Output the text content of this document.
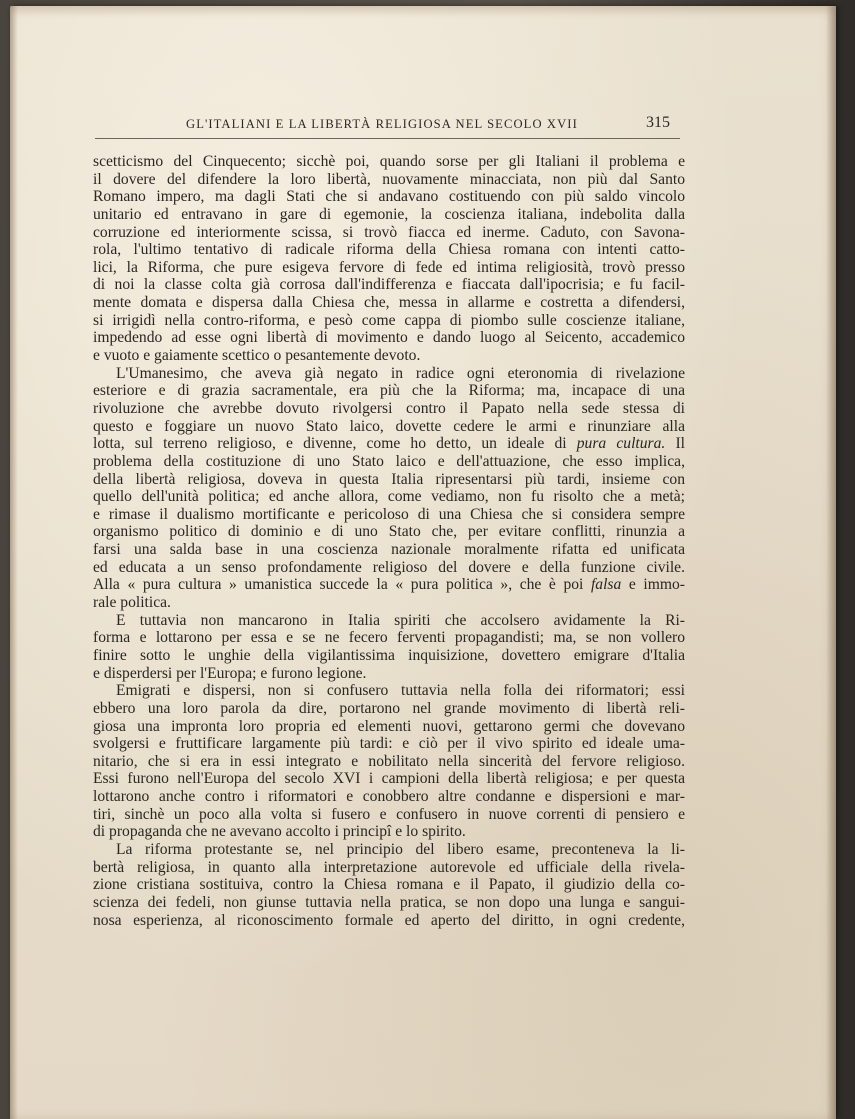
GL'ITALIANI E LA LIBERTÀ RELIGIOSA NEL SECOLO XVII	315
scetticismo del Cinquecento; sicchè poi, quando sorse per gli Italiani il problema e
il dovere del difendere la loro libertà, nuovamente minacciata, non più dal Santo
Romano impero, ma dagli Stati che si andavano costituendo con più saldo vincolo
unitario ed entravano in gare di egemonie, la coscienza italiana, indebolita dalla
corruzione ed interiormente scissa, si trovò fiacca ed inerme. Caduto, con Savona-
rola, l'ultimo tentativo di radicale riforma della Chiesa romana con intenti catto-
lici, la Riforma, che pure esigeva fervore di fede ed intima religiosità, trovò presso
di noi la classe colta già corrosa dall'indifferenza e fiaccata dall'ipocrisia; e fu facil-
mente domata e dispersa dalla Chiesa che, messa in allarme e costretta a difendersi,
si irrigidì nella contro-riforma, e pesò come cappa di piombo sulle coscienze italiane,
impedendo ad esse ogni libertà di movimento e dando luogo al Seicento, accademico
e vuoto e gaiamente scettico o pesantemente devoto.
L'Umanesimo, che aveva già negato in radice ogni eteronomia di rivelazione
esteriore e di grazia sacramentale, era più che la Riforma; ma, incapace di una
rivoluzione che avrebbe dovuto rivolgersi contro il Papato nella sede stessa di
questo e foggiare un nuovo Stato laico, dovette cedere le armi e rinunziare alla
lotta, sul terreno religioso, e divenne, come ho detto, un ideale di pura cultura. Il
problema della costituzione di uno Stato laico e dell'attuazione, che esso implica,
della libertà religiosa, doveva in questa Italia ripresentarsi più tardi, insieme con
quello dell'unità politica; ed anche allora, come vediamo, non fu risolto che a metà;
e rimase il dualismo mortificante e pericoloso di una Chiesa che si considera sempre
organismo politico di dominio e di uno Stato che, per evitare conflitti, rinunzia a
farsi una salda base in una coscienza nazionale moralmente rifatta ed unificata
ed educata a un senso profondamente religioso del dovere e della funzione civile.
Alla « pura cultura » umanistica succede la « pura politica », che è poi falsa e immo-
rale politica.
E tuttavia non mancarono in Italia spiriti che accolsero avidamente la Ri-
forma e lottarono per essa e se ne fecero ferventi propagandisti; ma, se non vollero
finire sotto le unghie della vigilantissima inquisizione, dovettero emigrare d'Italia
e disperdersi per l'Europa; e furono legione.
Emigrati e dispersi, non si confusero tuttavia nella folla dei riformatori; essi
ebbero una loro parola da dire, portarono nel grande movimento di libertà reli-
giosa una impronta loro propria ed elementi nuovi, gettarono germi che dovevano
svolgersi e fruttificare largamente più tardi: e ciò per il vivo spirito ed ideale uma-
nitario, che si era in essi integrato e nobilitato nella sincerità del fervore religioso.
Essi furono nell'Europa del secolo XVI i campioni della libertà religiosa; e per questa
lottarono anche contro i riformatori e conobbero altre condanne e dispersioni e mar-
tiri, sinchè un poco alla volta si fusero e confusero in nuove correnti di pensiero e
di propaganda che ne avevano accolto i principî e lo spirito.
La riforma protestante se, nel principio del libero esame, preconteneva la li-
bertà religiosa, in quanto alla interpretazione autorevole ed ufficiale della rivela-
zione cristiana sostituiva, contro la Chiesa romana e il Papato, il giudizio della co-
scienza dei fedeli, non giunse tuttavia nella pratica, se non dopo una lunga e sangui-
nosa esperienza, al riconoscimento formale ed aperto del diritto, in ogni credente,
